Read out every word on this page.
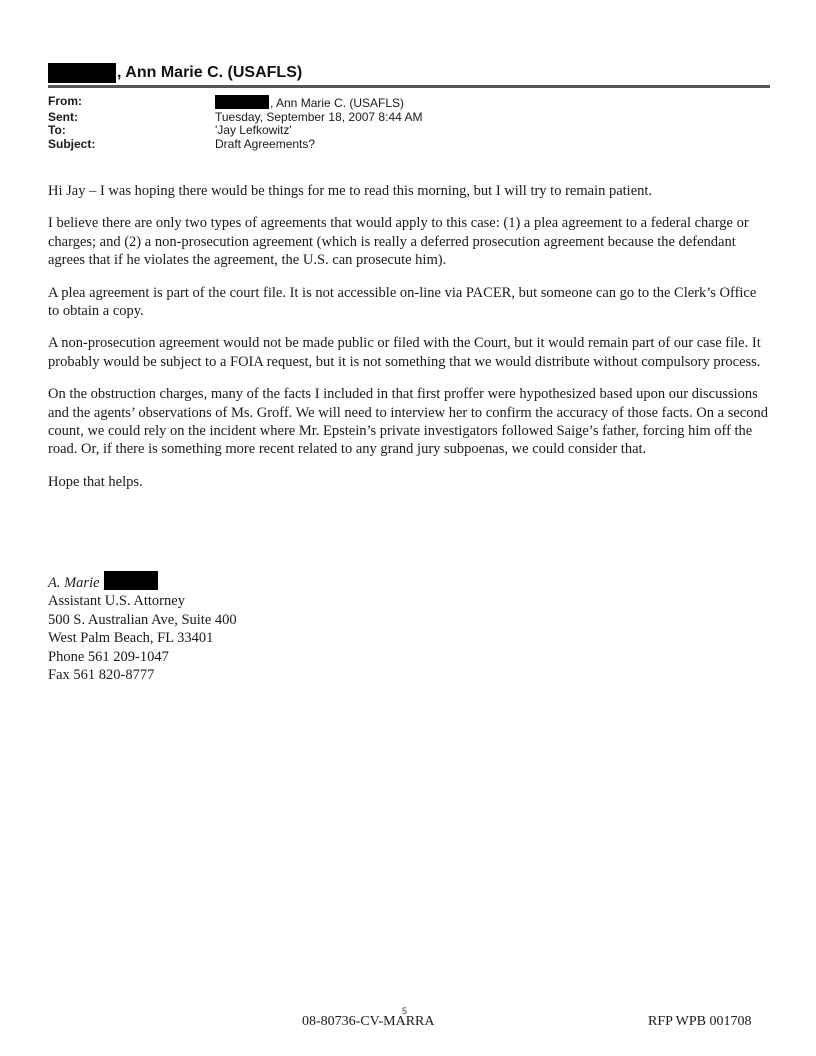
, Ann Marie C. (USAFLS)
From:	, Ann Marie C. (USAFLS)
Sent:	Tuesday, September 18, 2007 8:44 AM
To:	'Jay Lefkowitz'
Subject:	Draft Agreements?

Hi Jay – I was hoping there would be things for me to read this morning, but I will try to remain patient.

I believe there are only two types of agreements that would apply to this case: (1) a plea agreement to a federal charge or charges; and (2) a non-prosecution agreement (which is really a deferred prosecution agreement because the defendant agrees that if he violates the agreement, the U.S. can prosecute him).

A plea agreement is part of the court file. It is not accessible on-line via PACER, but someone can go to the Clerk’s Office to obtain a copy.

A non-prosecution agreement would not be made public or filed with the Court, but it would remain part of our case file. It probably would be subject to a FOIA request, but it is not something that we would distribute without compulsory process.

On the obstruction charges, many of the facts I included in that first proffer were hypothesized based upon our discussions and the agents’ observations of Ms. Groff. We will need to interview her to confirm the accuracy of those facts. On a second count, we could rely on the incident where Mr. Epstein’s private investigators followed Saige’s father, forcing him off the road. Or, if there is something more recent related to any grand jury subpoenas, we could consider that.

Hope that helps.

A. Marie
Assistant U.S. Attorney
500 S. Australian Ave, Suite 400
West Palm Beach, FL 33401
Phone 561 209-1047
Fax 561 820-8777
5
08-80736-CV-MARRA	RFP WPB 001708
